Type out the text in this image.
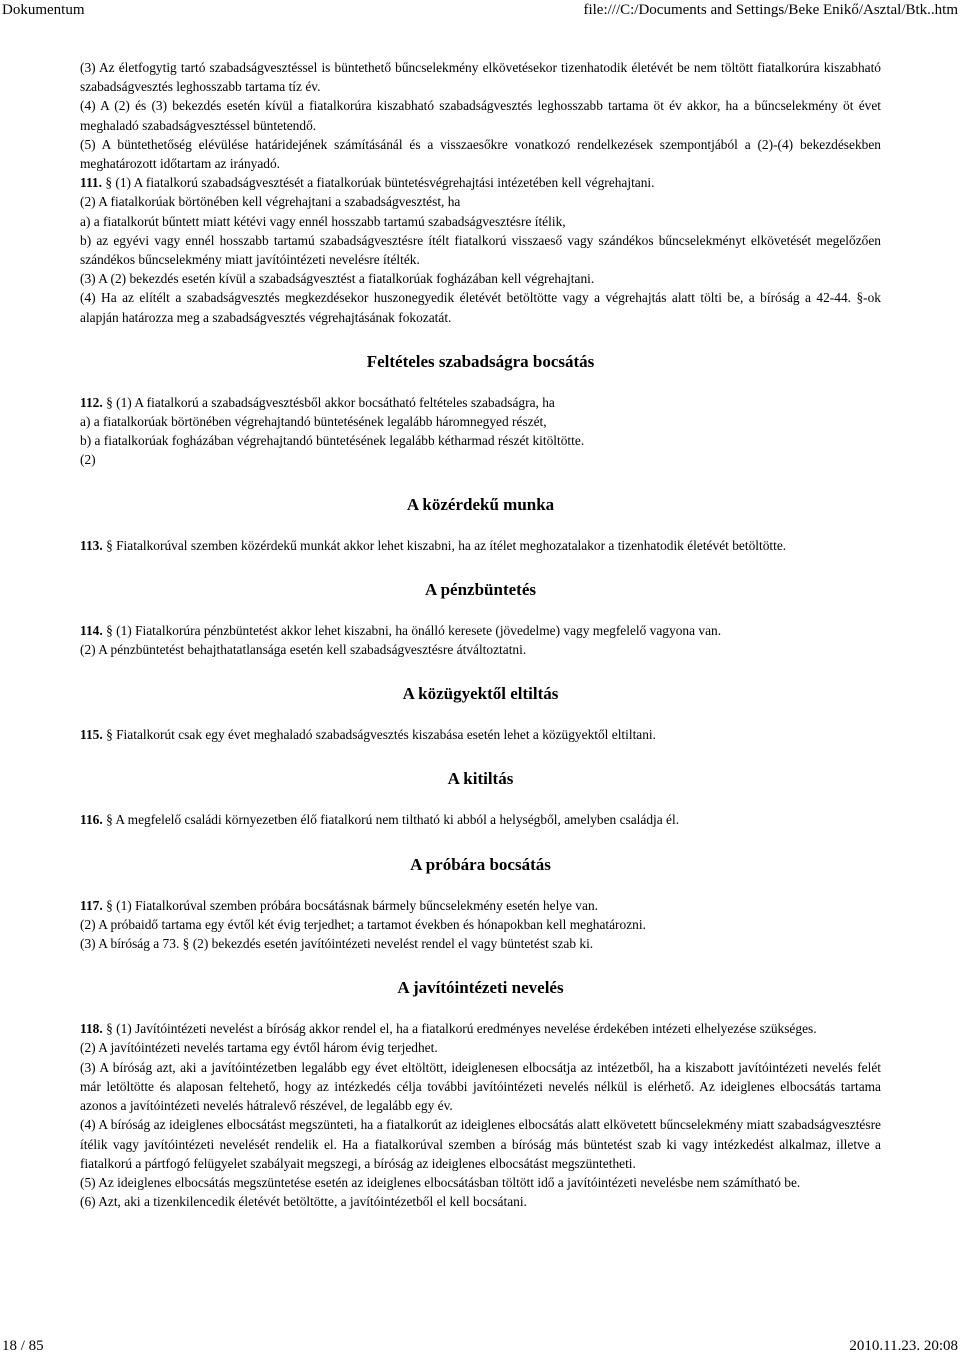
Dokumentum	file:///C:/Documents and Settings/Beke Enikő/Asztal/Btk..htm
(3) Az életfogytig tartó szabadságvesztéssel is büntethető bűncselekmény elkövetésekor tizenhatodik életévét be nem töltött fiatalkorúra kiszabható szabadságvesztés leghosszabb tartama tíz év.
(4) A (2) és (3) bekezdés esetén kívül a fiatalkorúra kiszabható szabadságvesztés leghosszabb tartama öt év akkor, ha a bűncselekmény öt évet meghaladó szabadságvesztéssel büntetendő.
(5) A büntethetőség elévülése határidejének számításánál és a visszaesőkre vonatkozó rendelkezések szempontjából a (2)-(4) bekezdésekben meghatározott időtartam az irányadó.
111. § (1) A fiatalkorú szabadságvesztését a fiatalkorúak büntetésvégrehajtási intézetében kell végrehajtani.
(2) A fiatalkorúak börtönében kell végrehajtani a szabadságvesztést, ha
a) a fiatalkorút bűntett miatt kétévi vagy ennél hosszabb tartamú szabadságvesztésre ítélik,
b) az egyévi vagy ennél hosszabb tartamú szabadságvesztésre ítélt fiatalkorú visszaeső vagy szándékos bűncselekményt elkövetését megelőzően szándékos bűncselekmény miatt javítóintézeti nevelésre ítélték.
(3) A (2) bekezdés esetén kívül a szabadságvesztést a fiatalkorúak fogházában kell végrehajtani.
(4) Ha az elítélt a szabadságvesztés megkezdésekor huszonegyedik életévét betöltötte vagy a végrehajtás alatt tölti be, a bíróság a 42-44. §-ok alapján határozza meg a szabadságvesztés végrehajtásának fokozatát.
Feltételes szabadságra bocsátás
112. § (1) A fiatalkorú a szabadságvesztésből akkor bocsátható feltételes szabadságra, ha
a) a fiatalkorúak börtönében végrehajtandó büntetésének legalább háromnegyed részét,
b) a fiatalkorúak fogházában végrehajtandó büntetésének legalább kétharmad részét kitöltötte.
(2)
A közérdekű munka
113. § Fiatalkorúval szemben közérdekű munkát akkor lehet kiszabni, ha az ítélet meghozatalakor a tizenhatodik életévét betöltötte.
A pénzbüntetés
114. § (1) Fiatalkorúra pénzbüntetést akkor lehet kiszabni, ha önálló keresete (jövedelme) vagy megfelelő vagyona van.
(2) A pénzbüntetést behajthatatlansága esetén kell szabadságvesztésre átváltoztatni.
A közügyektől eltiltás
115. § Fiatalkorút csak egy évet meghaladó szabadságvesztés kiszabása esetén lehet a közügyektől eltiltani.
A kitiltás
116. § A megfelelő családi környezetben élő fiatalkorú nem tiltható ki abból a helységből, amelyben családja él.
A próbára bocsátás
117. § (1) Fiatalkorúval szemben próbára bocsátásnak bármely bűncselekmény esetén helye van.
(2) A próbaidő tartama egy évtől két évig terjedhet; a tartamot években és hónapokban kell meghatározni.
(3) A bíróság a 73. § (2) bekezdés esetén javítóintézeti nevelést rendel el vagy büntetést szab ki.
A javítóintézeti nevelés
118. § (1) Javítóintézeti nevelést a bíróság akkor rendel el, ha a fiatalkorú eredményes nevelése érdekében intézeti elhelyezése szükséges.
(2) A javítóintézeti nevelés tartama egy évtől három évig terjedhet.
(3) A bíróság azt, aki a javítóintézetben legalább egy évet eltöltött, ideiglenesen elbocsátja az intézetből, ha a kiszabott javítóintézeti nevelés felét már letöltötte és alaposan feltehető, hogy az intézkedés célja további javítóintézeti nevelés nélkül is elérhető. Az ideiglenes elbocsátás tartama azonos a javítóintézeti nevelés hátralevő részével, de legalább egy év.
(4) A bíróság az ideiglenes elbocsátást megszünteti, ha a fiatalkorút az ideiglenes elbocsátás alatt elkövetett bűncselekmény miatt szabadságvesztésre ítélik vagy javítóintézeti nevelését rendelik el. Ha a fiatalkorúval szemben a bíróság más büntetést szab ki vagy intézkedést alkalmaz, illetve a fiatalkorú a pártfogó felügyelet szabályait megszegi, a bíróság az ideiglenes elbocsátást megszüntetheti.
(5) Az ideiglenes elbocsátás megszüntetése esetén az ideiglenes elbocsátásban töltött idő a javítóintézeti nevelésbe nem számítható be.
(6) Azt, aki a tizenkilencedik életévét betöltötte, a javítóintézetből el kell bocsátani.
18 / 85	2010.11.23. 20:08
